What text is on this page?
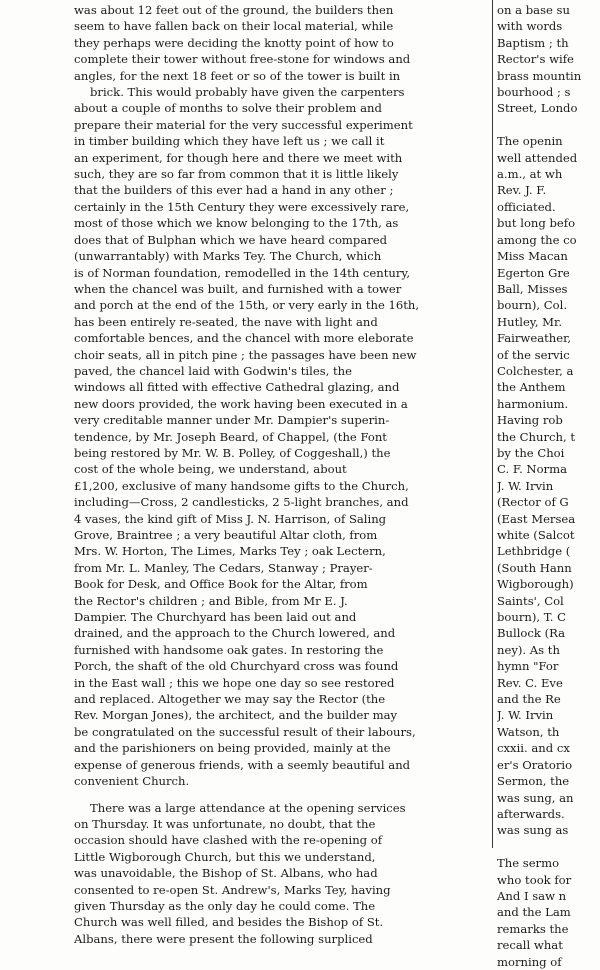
was about 12 feet out of the ground, the builders then

seem to have fallen back on their local material, while

they perhaps were deciding the knotty point of how to

complete their tower without free-stone for windows and

angles, for the next 18 feet or so of the tower is built in

brick. This would probably have given the carpenters

about a couple of months to solve their problem and

prepare their material for the very successful experiment

in timber building which they have left us ; we call it

an experiment, for though here and there we meet with

such, they are so far from common that it is little likely

that the builders of this ever had a hand in any other ;

certainly in the 15th Century they were excessively rare,

most of those which we know belonging to the 17th, as

does that of Bulphan which we have heard compared

(unwarrantably) with Marks Tey. The Church, which

is of Norman foundation, remodelled in the 14th century,

when the chancel was built, and furnished with a tower

and porch at the end of the 15th, or very early in the 16th,

has been entirely re-seated, the nave with light and

comfortable bences, and the chancel with more eleborate

choir seats, all in pitch pine ; the passages have been new

paved, the chancel laid with Godwin's tiles, the

windows all fitted with effective Cathedral glazing, and

new doors provided, the work having been executed in a

very creditable manner under Mr. Dampier's superin-

tendence, by Mr. Joseph Beard, of Chappel, (the Font

being restored by Mr. W. B. Polley, of Coggeshall,) the

cost of the whole being, we understand, about

£1,200, exclusive of many handsome gifts to the Church,

including—Cross, 2 candlesticks, 2 5-light branches, and

4 vases, the kind gift of Miss J. N. Harrison, of Saling

Grove, Braintree ; a very beautiful Altar cloth, from

Mrs. W. Horton, The Limes, Marks Tey ; oak Lectern,

from Mr. L. Manley, The Cedars, Stanway ; Prayer-

Book for Desk, and Office Book for the Altar, from

the Rector's children ; and Bible, from Mr E. J.

Dampier. The Churchyard has been laid out and

drained, and the approach to the Church lowered, and

furnished with handsome oak gates. In restoring the

Porch, the shaft of the old Churchyard cross was found

in the East wall ; this we hope one day so see restored

and replaced. Altogether we may say the Rector (the

Rev. Morgan Jones), the architect, and the builder may

be congratulated on the successful result of their labours,

and the parishioners on being provided, mainly at the

expense of generous friends, with a seemly beautiful and

convenient Church.

There was a large attendance at the opening services

on Thursday. It was unfortunate, no doubt, that the

occasion should have clashed with the re-opening of

Little Wigborough Church, but this we understand,

was unavoidable, the Bishop of St. Albans, who had

consented to re-open St. Andrew's, Marks Tey, having

given Thursday as the only day he could come. The

Church was well filled, and besides the Bishop of St.

Albans, there were present the following surpliced

on a base su

with words

Baptism ; th

Rector's wife

brass mountin

bourhood ; s

Street, Londo

The openin

well attended

a.m., at wh

Rev. J. F.

officiated.

but long befo

among the co

Miss Macan

Egerton Gre

Ball, Misses

bourn), Col.

Hutley, Mr.

Fairweather,

of the servic

Colchester, a

the Anthem

harmonium.

Having rob

the Church, t

by the Choi

C. F. Norma

J. W. Irvin

(Rector of G

(East Mersea

white (Salcot

Lethbridge (

(South Hann

Wigborough)

Saints', Col

bourn), T. C

Bullock (Ra

ney). As th

hymn "For

Rev. C. Eve

and the Re

J. W. Irvin

Watson, th

cxxii. and cx

er's Oratorio

Sermon, the

was sung, an

afterwards.

was sung as

The sermo

who took for

And I saw n

and the Lam

remarks the

recall what

morning of
